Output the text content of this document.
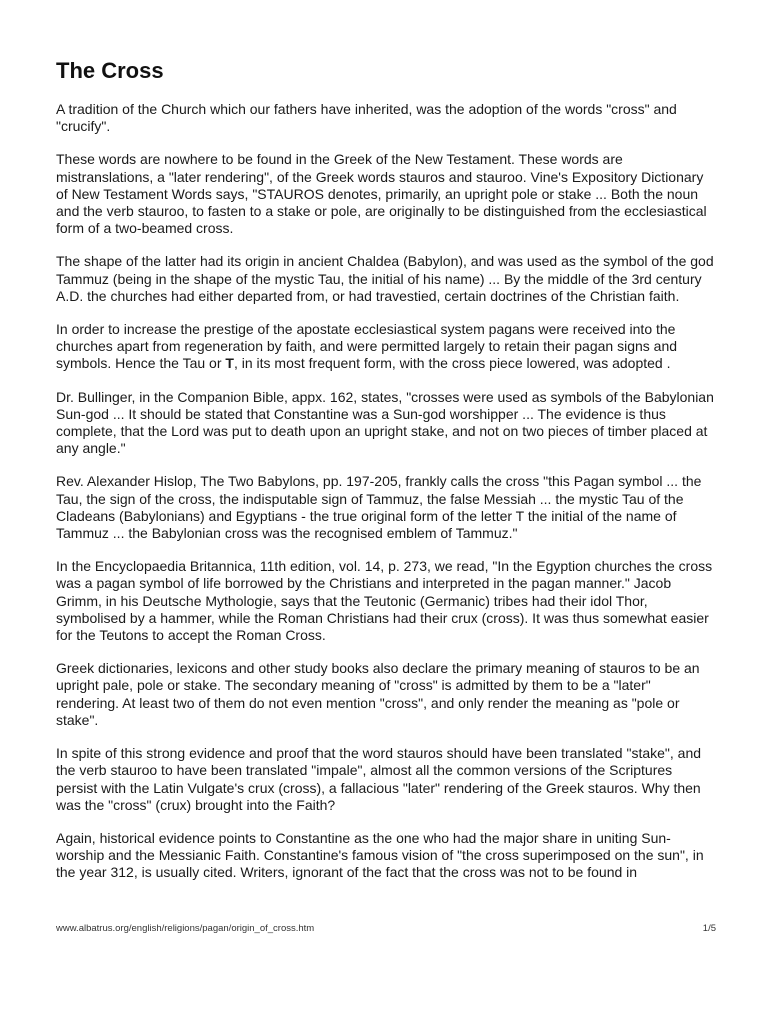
The Cross

A tradition of the Church which our fathers have inherited, was the adoption of the words "cross" and "crucify".

These words are nowhere to be found in the Greek of the New Testament. These words are mistranslations, a "later rendering", of the Greek words stauros and stauroo. Vine's Expository Dictionary of New Testament Words says, "STAUROS denotes, primarily, an upright pole or stake ... Both the noun and the verb stauroo, to fasten to a stake or pole, are originally to be distinguished from the ecclesiastical form of a two-beamed cross.

The shape of the latter had its origin in ancient Chaldea (Babylon), and was used as the symbol of the god Tammuz (being in the shape of the mystic Tau, the initial of his name) ... By the middle of the 3rd century A.D. the churches had either departed from, or had travestied, certain doctrines of the Christian faith.

In order to increase the prestige of the apostate ecclesiastical system pagans were received into the churches apart from regeneration by faith, and were permitted largely to retain their pagan signs and symbols. Hence the Tau or T, in its most frequent form, with the cross piece lowered, was adopted .

Dr. Bullinger, in the Companion Bible, appx. 162, states, "crosses were used as symbols of the Babylonian Sun-god ... It should be stated that Constantine was a Sun-god worshipper ... The evidence is thus complete, that the Lord was put to death upon an upright stake, and not on two pieces of timber placed at any angle."

Rev. Alexander Hislop, The Two Babylons, pp. 197-205, frankly calls the cross "this Pagan symbol ... the Tau, the sign of the cross, the indisputable sign of Tammuz, the false Messiah ... the mystic Tau of the Cladeans (Babylonians) and Egyptians - the true original form of the letter T the initial of the name of Tammuz ... the Babylonian cross was the recognised emblem of Tammuz."

In the Encyclopaedia Britannica, 11th edition, vol. 14, p. 273, we read, "In the Egyption churches the cross was a pagan symbol of life borrowed by the Christians and interpreted in the pagan manner." Jacob Grimm, in his Deutsche Mythologie, says that the Teutonic (Germanic) tribes had their idol Thor, symbolised by a hammer, while the Roman Christians had their crux (cross). It was thus somewhat easier for the Teutons to accept the Roman Cross.

Greek dictionaries, lexicons and other study books also declare the primary meaning of stauros to be an upright pale, pole or stake. The secondary meaning of "cross" is admitted by them to be a "later" rendering. At least two of them do not even mention "cross", and only render the meaning as "pole or stake".

In spite of this strong evidence and proof that the word stauros should have been translated "stake", and the verb stauroo to have been translated "impale", almost all the common versions of the Scriptures persist with the Latin Vulgate's crux (cross), a fallacious "later" rendering of the Greek stauros. Why then was the "cross" (crux) brought into the Faith?

Again, historical evidence points to Constantine as the one who had the major share in uniting Sun-worship and the Messianic Faith. Constantine's famous vision of "the cross superimposed on the sun", in the year 312, is usually cited. Writers, ignorant of the fact that the cross was not to be found in

www.albatrus.org/english/religions/pagan/origin_of_cross.htm	1/5
